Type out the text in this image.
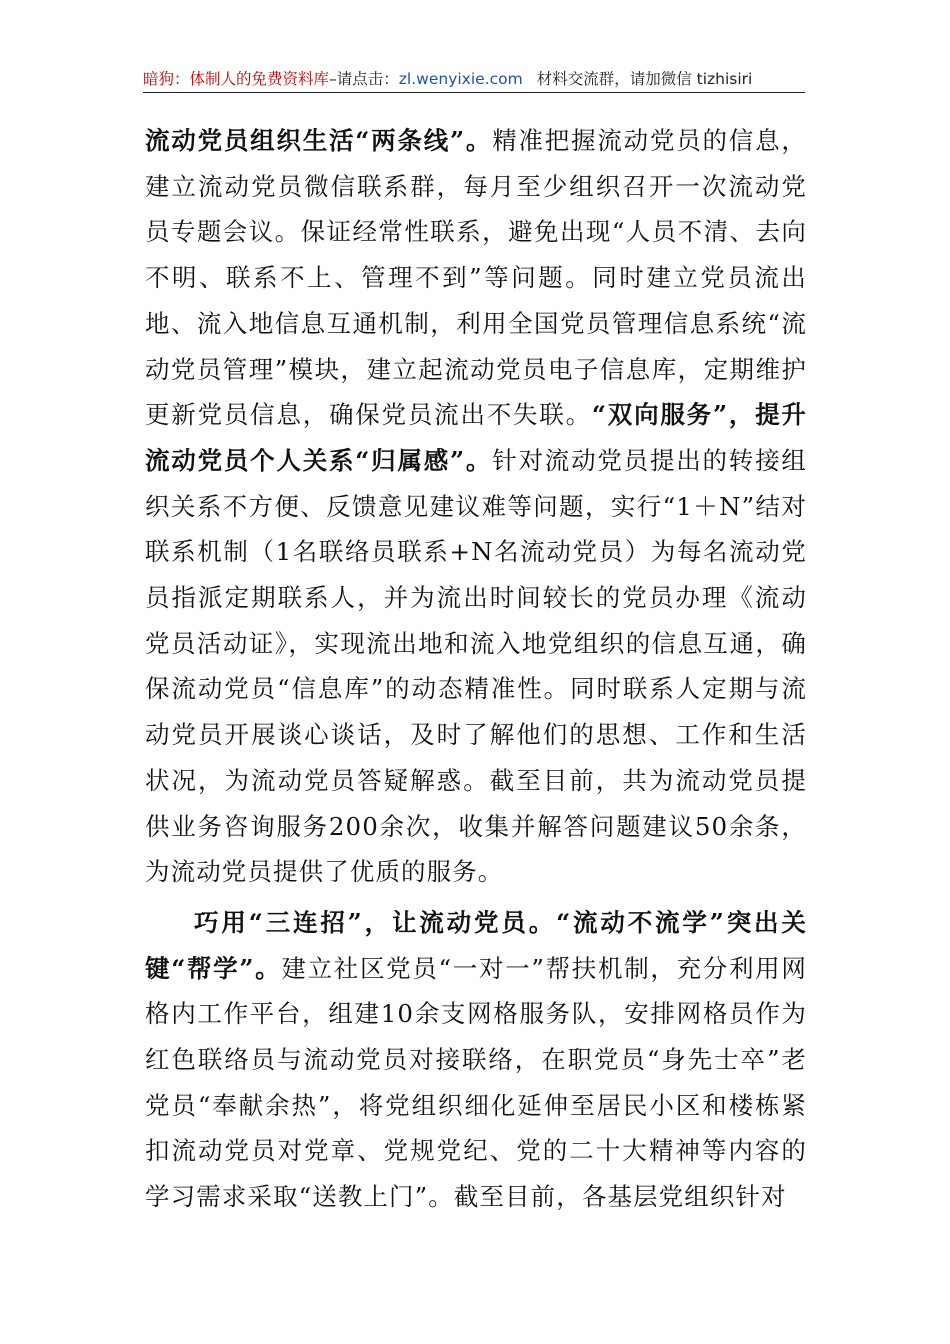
暗狗：体制人的免费资料库–请点击：zl.wenyixie.com 材料交流群，请加微信 tizhisiri

流动党员组织生活“两条线”。精准把握流动党员的信息，建立流动党员微信联系群，每月至少组织召开一次流动党员专题会议。保证经常性联系，避免出现“人员不清、去向不明、联系不上、管理不到”等问题。同时建立党员流出地、流入地信息互通机制，利用全国党员管理信息系统“流动党员管理”模块，建立起流动党员电子信息库，定期维护更新党员信息，确保党员流出不失联。“双向服务”，提升流动党员个人关系“归属感”。针对流动党员提出的转接组织关系不方便、反馈意见建议难等问题，实行“1＋N”结对联系机制（1名联络员联系+N名流动党员）为每名流动党员指派定期联系人，并为流出时间较长的党员办理《流动党员活动证》，实现流出地和流入地党组织的信息互通，确保流动党员“信息库”的动态精准性。同时联系人定期与流动党员开展谈心谈话，及时了解他们的思想、工作和生活状况，为流动党员答疑解惑。截至目前，共为流动党员提供业务咨询服务200余次，收集并解答问题建议50余条，为流动党员提供了优质的服务。

巧用“三连招”，让流动党员。“流动不流学”突出关键“帮学”。建立社区党员“一对一”帮扶机制，充分利用网格内工作平台，组建10余支网格服务队，安排网格员作为红色联络员与流动党员对接联络，在职党员“身先士卒”老党员“奉献余热”，将党组织细化延伸至居民小区和楼栋紧扣流动党员对党章、党规党纪、党的二十大精神等内容的学习需求采取“送教上门”。截至目前，各基层党组织针对
